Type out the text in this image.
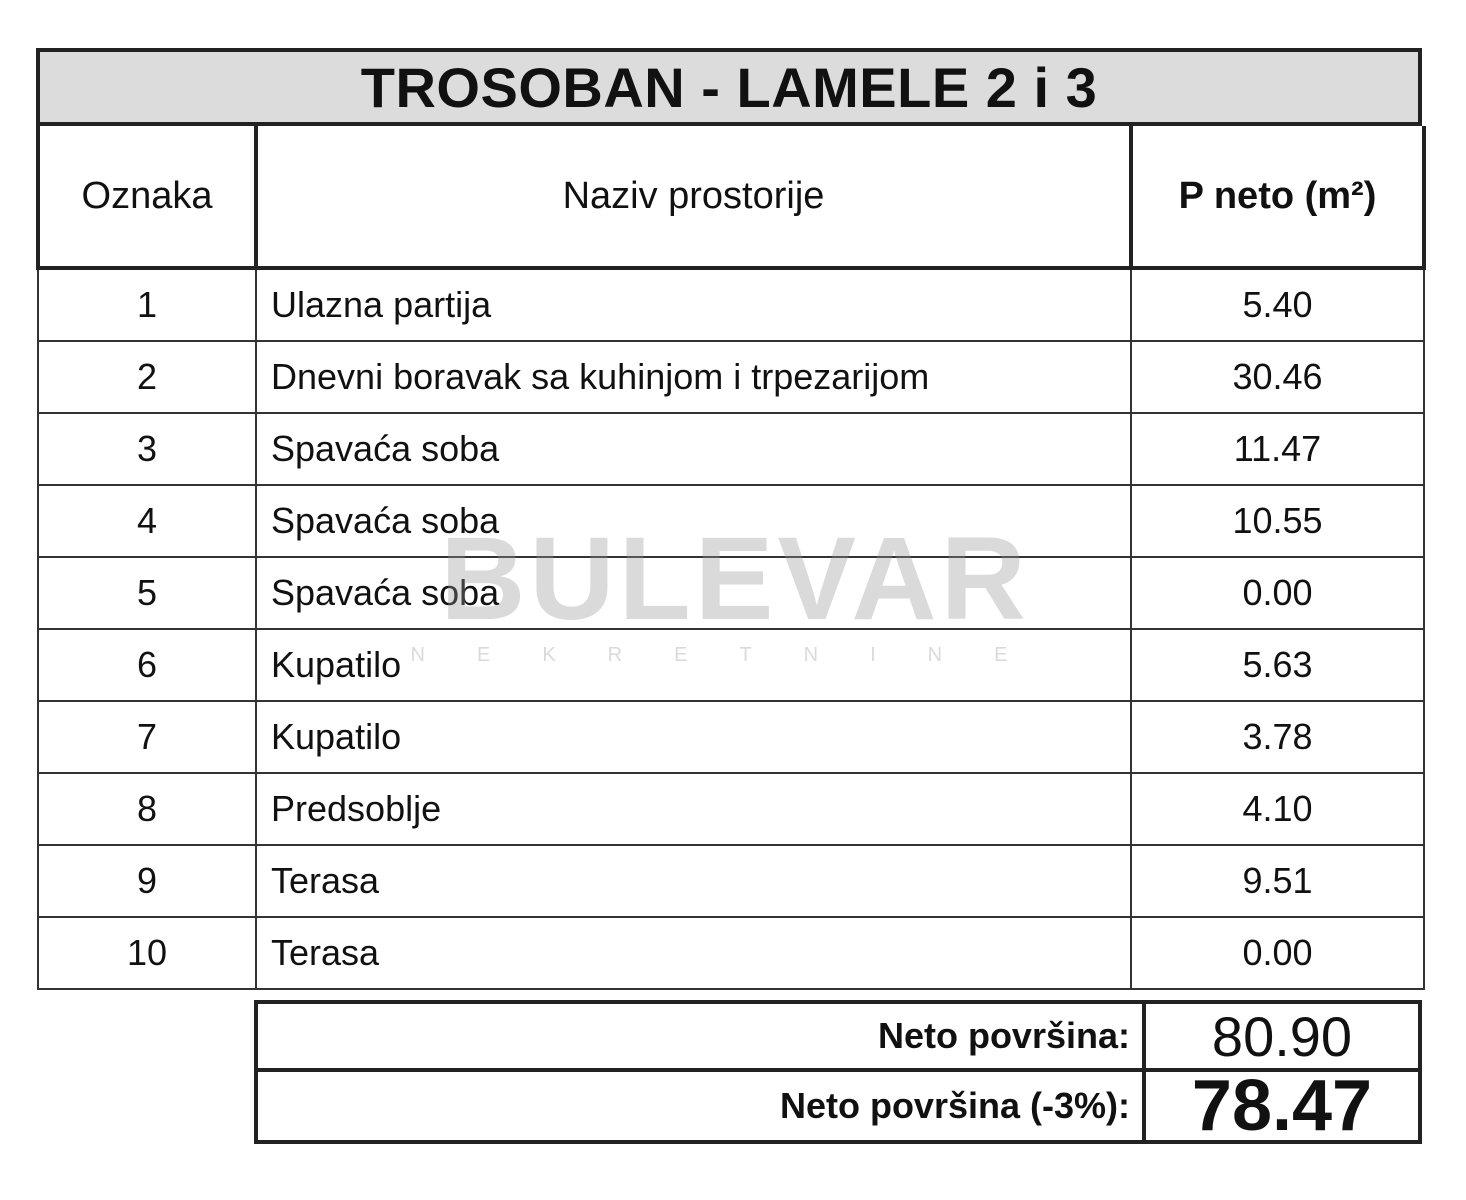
TROSOBAN - LAMELE 2 i 3
Oznaka	Naziv prostorije	P neto (m²)
1	Ulazna partija	5.40
2	Dnevni boravak sa kuhinjom i trpezarijom	30.46
3	Spavaća soba	11.47
4	Spavaća soba	10.55
5	Spavaća soba	0.00
6	Kupatilo	5.63
7	Kupatilo	3.78
8	Predsoblje	4.10
9	Terasa	9.51
10	Terasa	0.00
Neto površina:	80.90
Neto površina (-3%): 78.47
BULEVAR
NEKRETNINE
